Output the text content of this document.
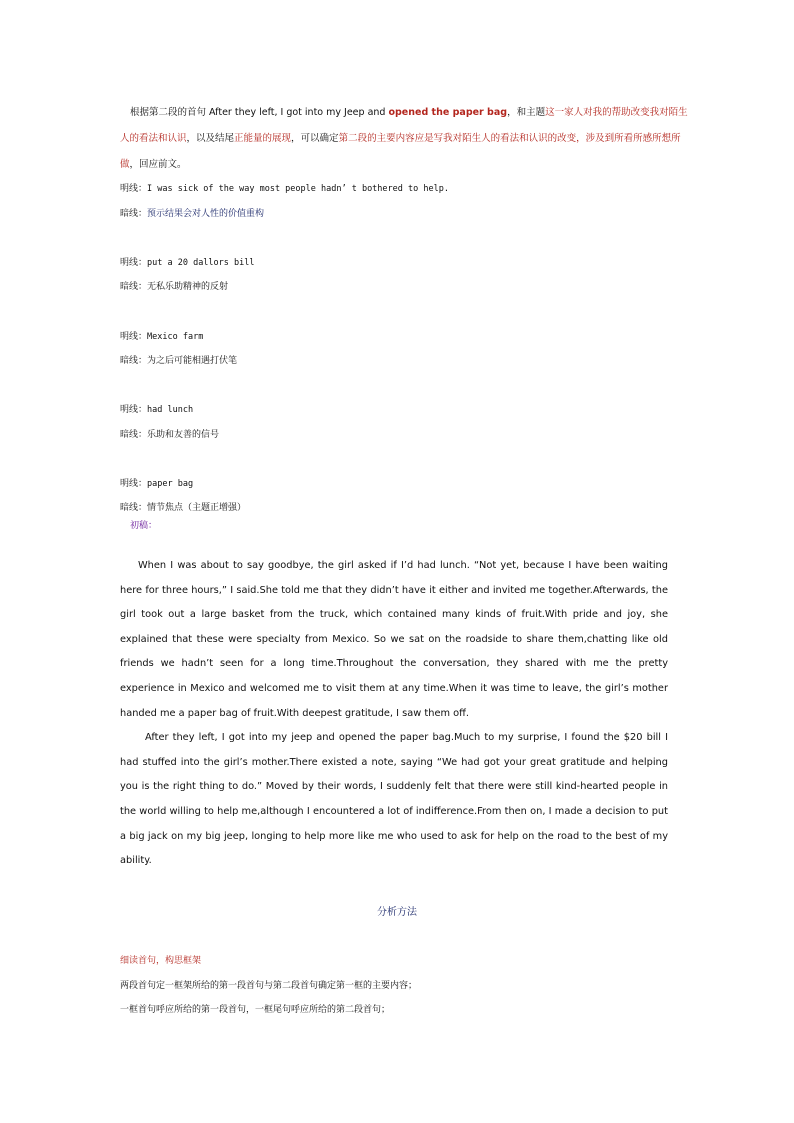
根据第二段的首句 After they left, I got into my Jeep and opened the paper bag，和主题这一家人对我的帮助改变我对陌生人的看法和认识，以及结尾正能量的展现，可以确定第二段的主要内容应是写我对陌生人的看法和认识的改变，涉及到所看所感所想所做，回应前文。
明线：I was sick of the way most people hadn’ t bothered to help.
暗线：预示结果会对人性的价值重构
明线：put a 20 dallors bill
暗线：无私乐助精神的反射
明线：Mexico farm
暗线：为之后可能相遇打伏笔
明线：had lunch
暗线：乐助和友善的信号
明线：paper bag
暗线：情节焦点（主题正增强）
初稿：

When I was about to say goodbye, the girl asked if I’d had lunch. “Not yet, because I have been waiting here for three hours,” I said.She told me that they didn’t have it either and invited me together.Afterwards, the girl took out a large basket from the truck, which contained many kinds of fruit.With pride and joy, she explained that these were specialty from Mexico. So we sat on the roadside to share them,chatting like old friends we hadn’t seen for a long time.Throughout the conversation, they shared with me the pretty experience in Mexico and welcomed me to visit them at any time.When it was time to leave, the girl’s mother handed me a paper bag of fruit.With deepest gratitude, I saw them off.

After they left, I got into my jeep and opened the paper bag.Much to my surprise, I found the $20 bill I had stuffed into the girl’s mother.There existed a note, saying “We had got your great gratitude and helping you is the right thing to do.” Moved by their words, I suddenly felt that there were still kind-hearted people in the world willing to help me,although I encountered a lot of indifference.From then on, I made a decision to put a big jack on my big jeep, longing to help more like me who used to ask for help on the road to the best of my ability.

分析方法
细读首句，构思框架
两段首句定一框架所给的第一段首句与第二段首句确定第一框的主要内容；
一框首句呼应所给的第一段首句，一框尾句呼应所给的第二段首句；
